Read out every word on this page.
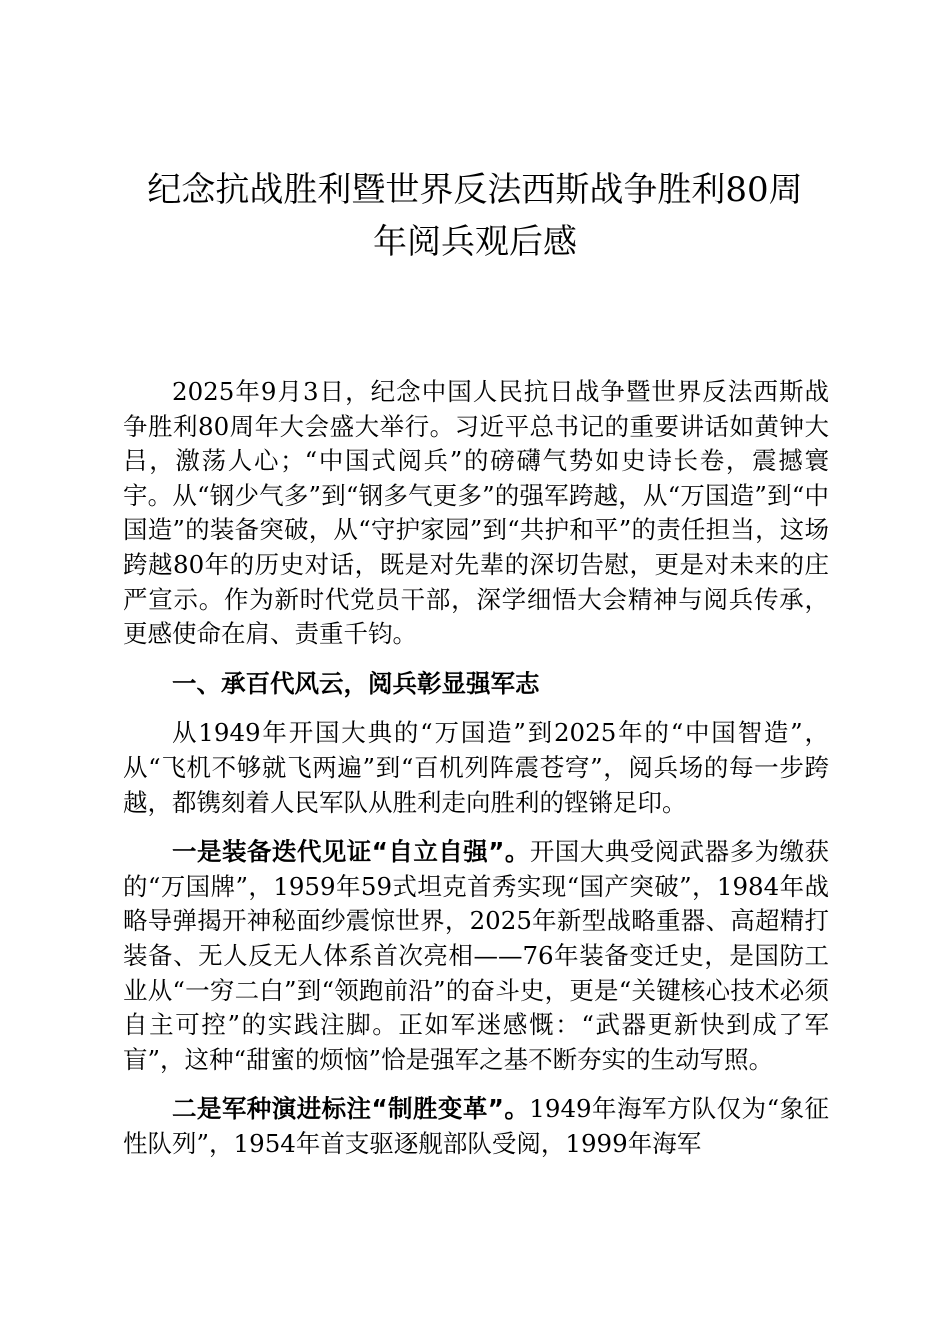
纪念抗战胜利暨世界反法西斯战争胜利80周
年阅兵观后感

2025年9月3日，纪念中国人民抗日战争暨世界反法西斯战争胜利80周年大会盛大举行。习近平总书记的重要讲话如黄钟大吕，激荡人心；“中国式阅兵”的磅礴气势如史诗长卷，震撼寰宇。从“钢少气多”到“钢多气更多”的强军跨越，从“万国造”到“中国造”的装备突破，从“守护家园”到“共护和平”的责任担当，这场跨越80年的历史对话，既是对先辈的深切告慰，更是对未来的庄严宣示。作为新时代党员干部，深学细悟大会精神与阅兵传承，更感使命在肩、责重千钧。

一、承百代风云，阅兵彰显强军志

从1949年开国大典的“万国造”到2025年的“中国智造”，从“飞机不够就飞两遍”到“百机列阵震苍穹”，阅兵场的每一步跨越，都镌刻着人民军队从胜利走向胜利的铿锵足印。

一是装备迭代见证“自立自强”。开国大典受阅武器多为缴获的“万国牌”，1959年59式坦克首秀实现“国产突破”，1984年战略导弹揭开神秘面纱震惊世界，2025年新型战略重器、高超精打装备、无人反无人体系首次亮相——76年装备变迁史，是国防工业从“一穷二白”到“领跑前沿”的奋斗史，更是“关键核心技术必须自主可控”的实践注脚。正如军迷感慨：“武器更新快到成了军盲”，这种“甜蜜的烦恼”恰是强军之基不断夯实的生动写照。

二是军种演进标注“制胜变革”。1949年海军方队仅为“象征性队列”，1954年首支驱逐舰部队受阅，1999年海军
